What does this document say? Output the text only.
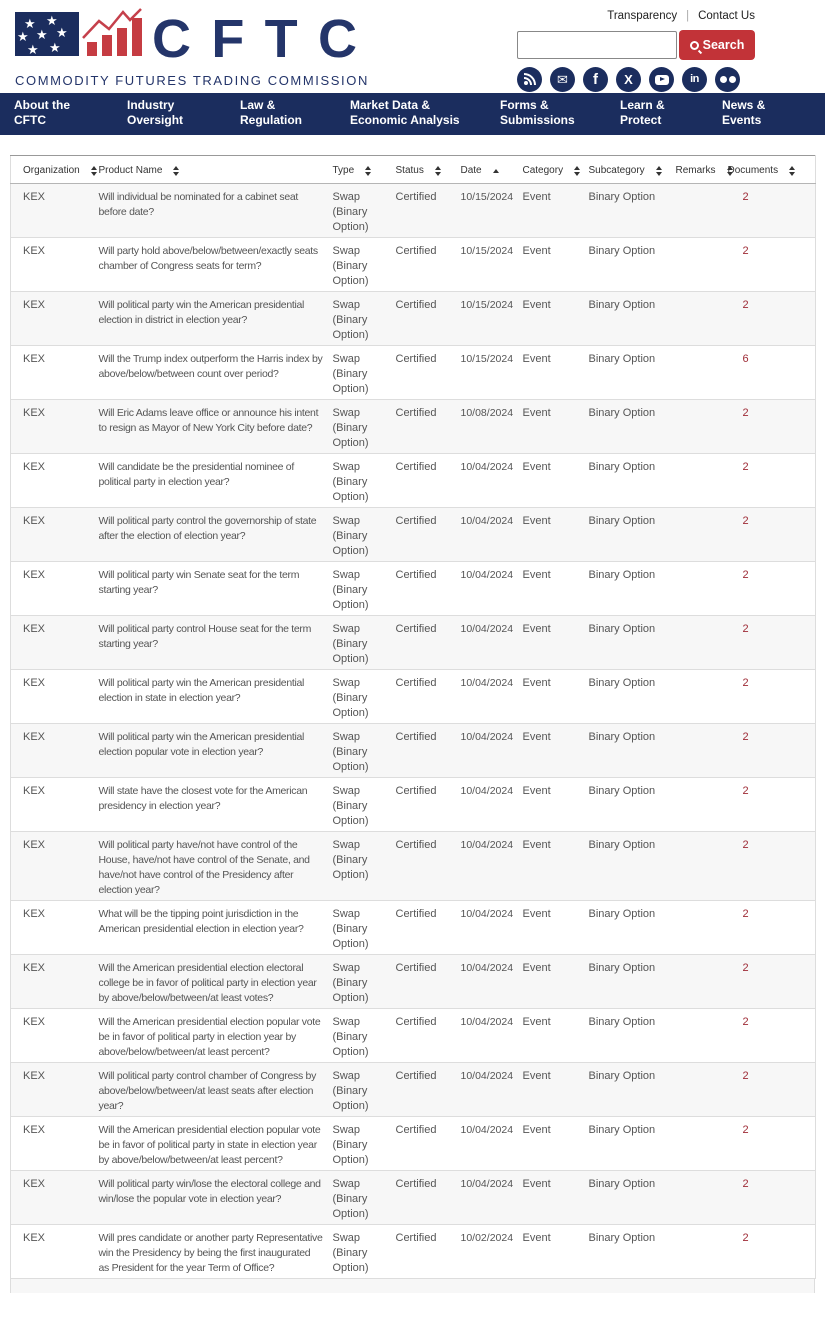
★ ★
★ ★ ★
★ ★ CFTC
COMMODITY FUTURES TRADING COMMISSION
Transparency | Contact Us
Search
✉ f X	in
About the CFTC
Industry Oversight
Law & Regulation
Market Data & Economic Analysis
Forms & Submissions
Learn & Protect
News & Events
Organization	Product Name	Type	Status	Date	Category	Subcategory	Remarks	Documents

KEX	Will individual be nominated for a cabinet seat before date?	Swap (Binary Option)	Certified	10/15/2024	Event	Binary Option		2
KEX	Will party hold above/below/between/exactly seats chamber of Congress seats for term?	Swap (Binary Option)	Certified	10/15/2024	Event	Binary Option		2
KEX	Will political party win the American presidential election in district in election year?	Swap (Binary Option)	Certified	10/15/2024	Event	Binary Option		2
KEX	Will the Trump index outperform the Harris index by above/below/between count over period?	Swap (Binary Option)	Certified	10/15/2024	Event	Binary Option		6
KEX	Will Eric Adams leave office or announce his intent to resign as Mayor of New York City before date?	Swap (Binary Option)	Certified	10/08/2024	Event	Binary Option		2
KEX	Will candidate be the presidential nominee of political party in election year?	Swap (Binary Option)	Certified	10/04/2024	Event	Binary Option		2
KEX	Will political party control the governorship of state after the election of election year?	Swap (Binary Option)	Certified	10/04/2024	Event	Binary Option		2
KEX	Will political party win Senate seat for the term starting year?	Swap (Binary Option)	Certified	10/04/2024	Event	Binary Option		2
KEX	Will political party control House seat for the term starting year?	Swap (Binary Option)	Certified	10/04/2024	Event	Binary Option		2
KEX	Will political party win the American presidential election in state in election year?	Swap (Binary Option)	Certified	10/04/2024	Event	Binary Option		2
KEX	Will political party win the American presidential election popular vote in election year?	Swap (Binary Option)	Certified	10/04/2024	Event	Binary Option		2
KEX	Will state have the closest vote for the American presidency in election year?	Swap (Binary Option)	Certified	10/04/2024	Event	Binary Option		2
KEX	Will political party have/not have control of the House, have/not have control of the Senate, and have/not have control of the Presidency after election year?	Swap (Binary Option)	Certified	10/04/2024	Event	Binary Option		2
KEX	What will be the tipping point jurisdiction in the American presidential election in election year?	Swap (Binary Option)	Certified	10/04/2024	Event	Binary Option		2
KEX	Will the American presidential election electoral college be in favor of political party in election year by above/below/between/at least votes?	Swap (Binary Option)	Certified	10/04/2024	Event	Binary Option		2
KEX	Will the American presidential election popular vote be in favor of political party in election year by above/below/between/at least percent?	Swap (Binary Option)	Certified	10/04/2024	Event	Binary Option		2
KEX	Will political party control chamber of Congress by above/below/between/at least seats after election year?	Swap (Binary Option)	Certified	10/04/2024	Event	Binary Option		2
KEX	Will the American presidential election popular vote be in favor of political party in state in election year by above/below/between/at least percent?	Swap (Binary Option)	Certified	10/04/2024	Event	Binary Option		2
KEX	Will political party win/lose the electoral college and win/lose the popular vote in election year?	Swap (Binary Option)	Certified	10/04/2024	Event	Binary Option		2
KEX	Will pres candidate or another party Representative win the Presidency by being the first inaugurated as President for the year Term of Office?	Swap (Binary Option)	Certified	10/02/2024	Event	Binary Option		2
